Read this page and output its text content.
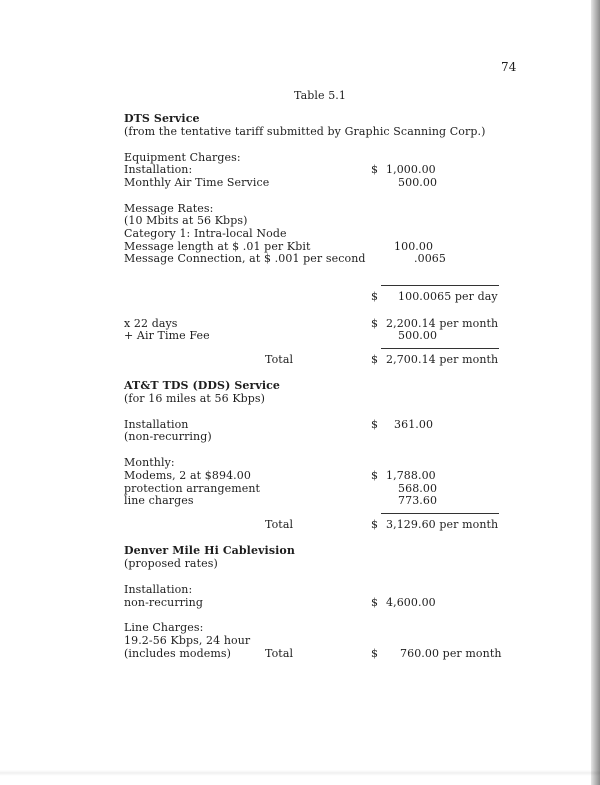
74
Table 5.1
DTS Service
(from the tentative tariff submitted by Graphic Scanning Corp.)
Equipment Charges:
Installation:	$ 1,000.00
Monthly Air Time Service	500.00
Message Rates:
(10 Mbits at 56 Kbps)
Category 1: Intra-local Node
Message length at $ .01 per Kbit	100.00
Message Connection, at $ .001 per second	.0065
$ 100.0065 per day
x 22 days	$ 2,200.14 per month
+ Air Time Fee	500.00
Total	$ 2,700.14 per month
AT&T TDS (DDS) Service
(for 16 miles at 56 Kbps)
Installation	$ 361.00
(non-recurring)
Monthly:
Modems, 2 at $894.00	$ 1,788.00
protection arrangement	568.00
line charges	773.60
Total	$ 3,129.60 per month
Denver Mile Hi Cablevision
(proposed rates)
Installation:
non-recurring	$ 4,600.00
Line Charges:
19.2-56 Kbps, 24 hour
(includes modems)	Total	$ 760.00 per month
